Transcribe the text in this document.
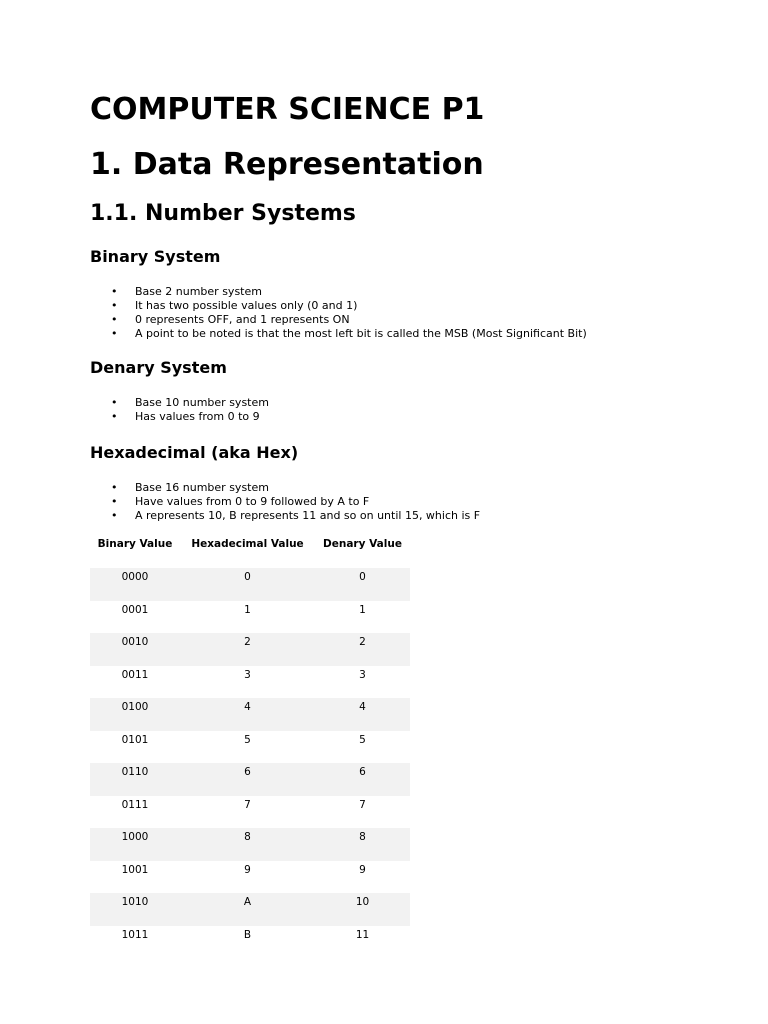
COMPUTER SCIENCE P1
1. Data Representation
1.1. Number Systems
Binary System
• Base 2 number system
• It has two possible values only (0 and 1)
• 0 represents OFF, and 1 represents ON
• A point to be noted is that the most left bit is called the MSB (Most Significant Bit)
Denary System
• Base 10 number system
• Has values from 0 to 9
Hexadecimal (aka Hex)
• Base 16 number system
• Have values from 0 to 9 followed by A to F
• A represents 10, B represents 11 and so on until 15, which is F
Binary Value	Hexadecimal Value	Denary Value
0000	0	0
0001	1	1
0010	2	2
0011	3	3
0100	4	4
0101	5	5
0110	6	6
0111	7	7
1000	8	8
1001	9	9
1010	A	10
1011	B	11
